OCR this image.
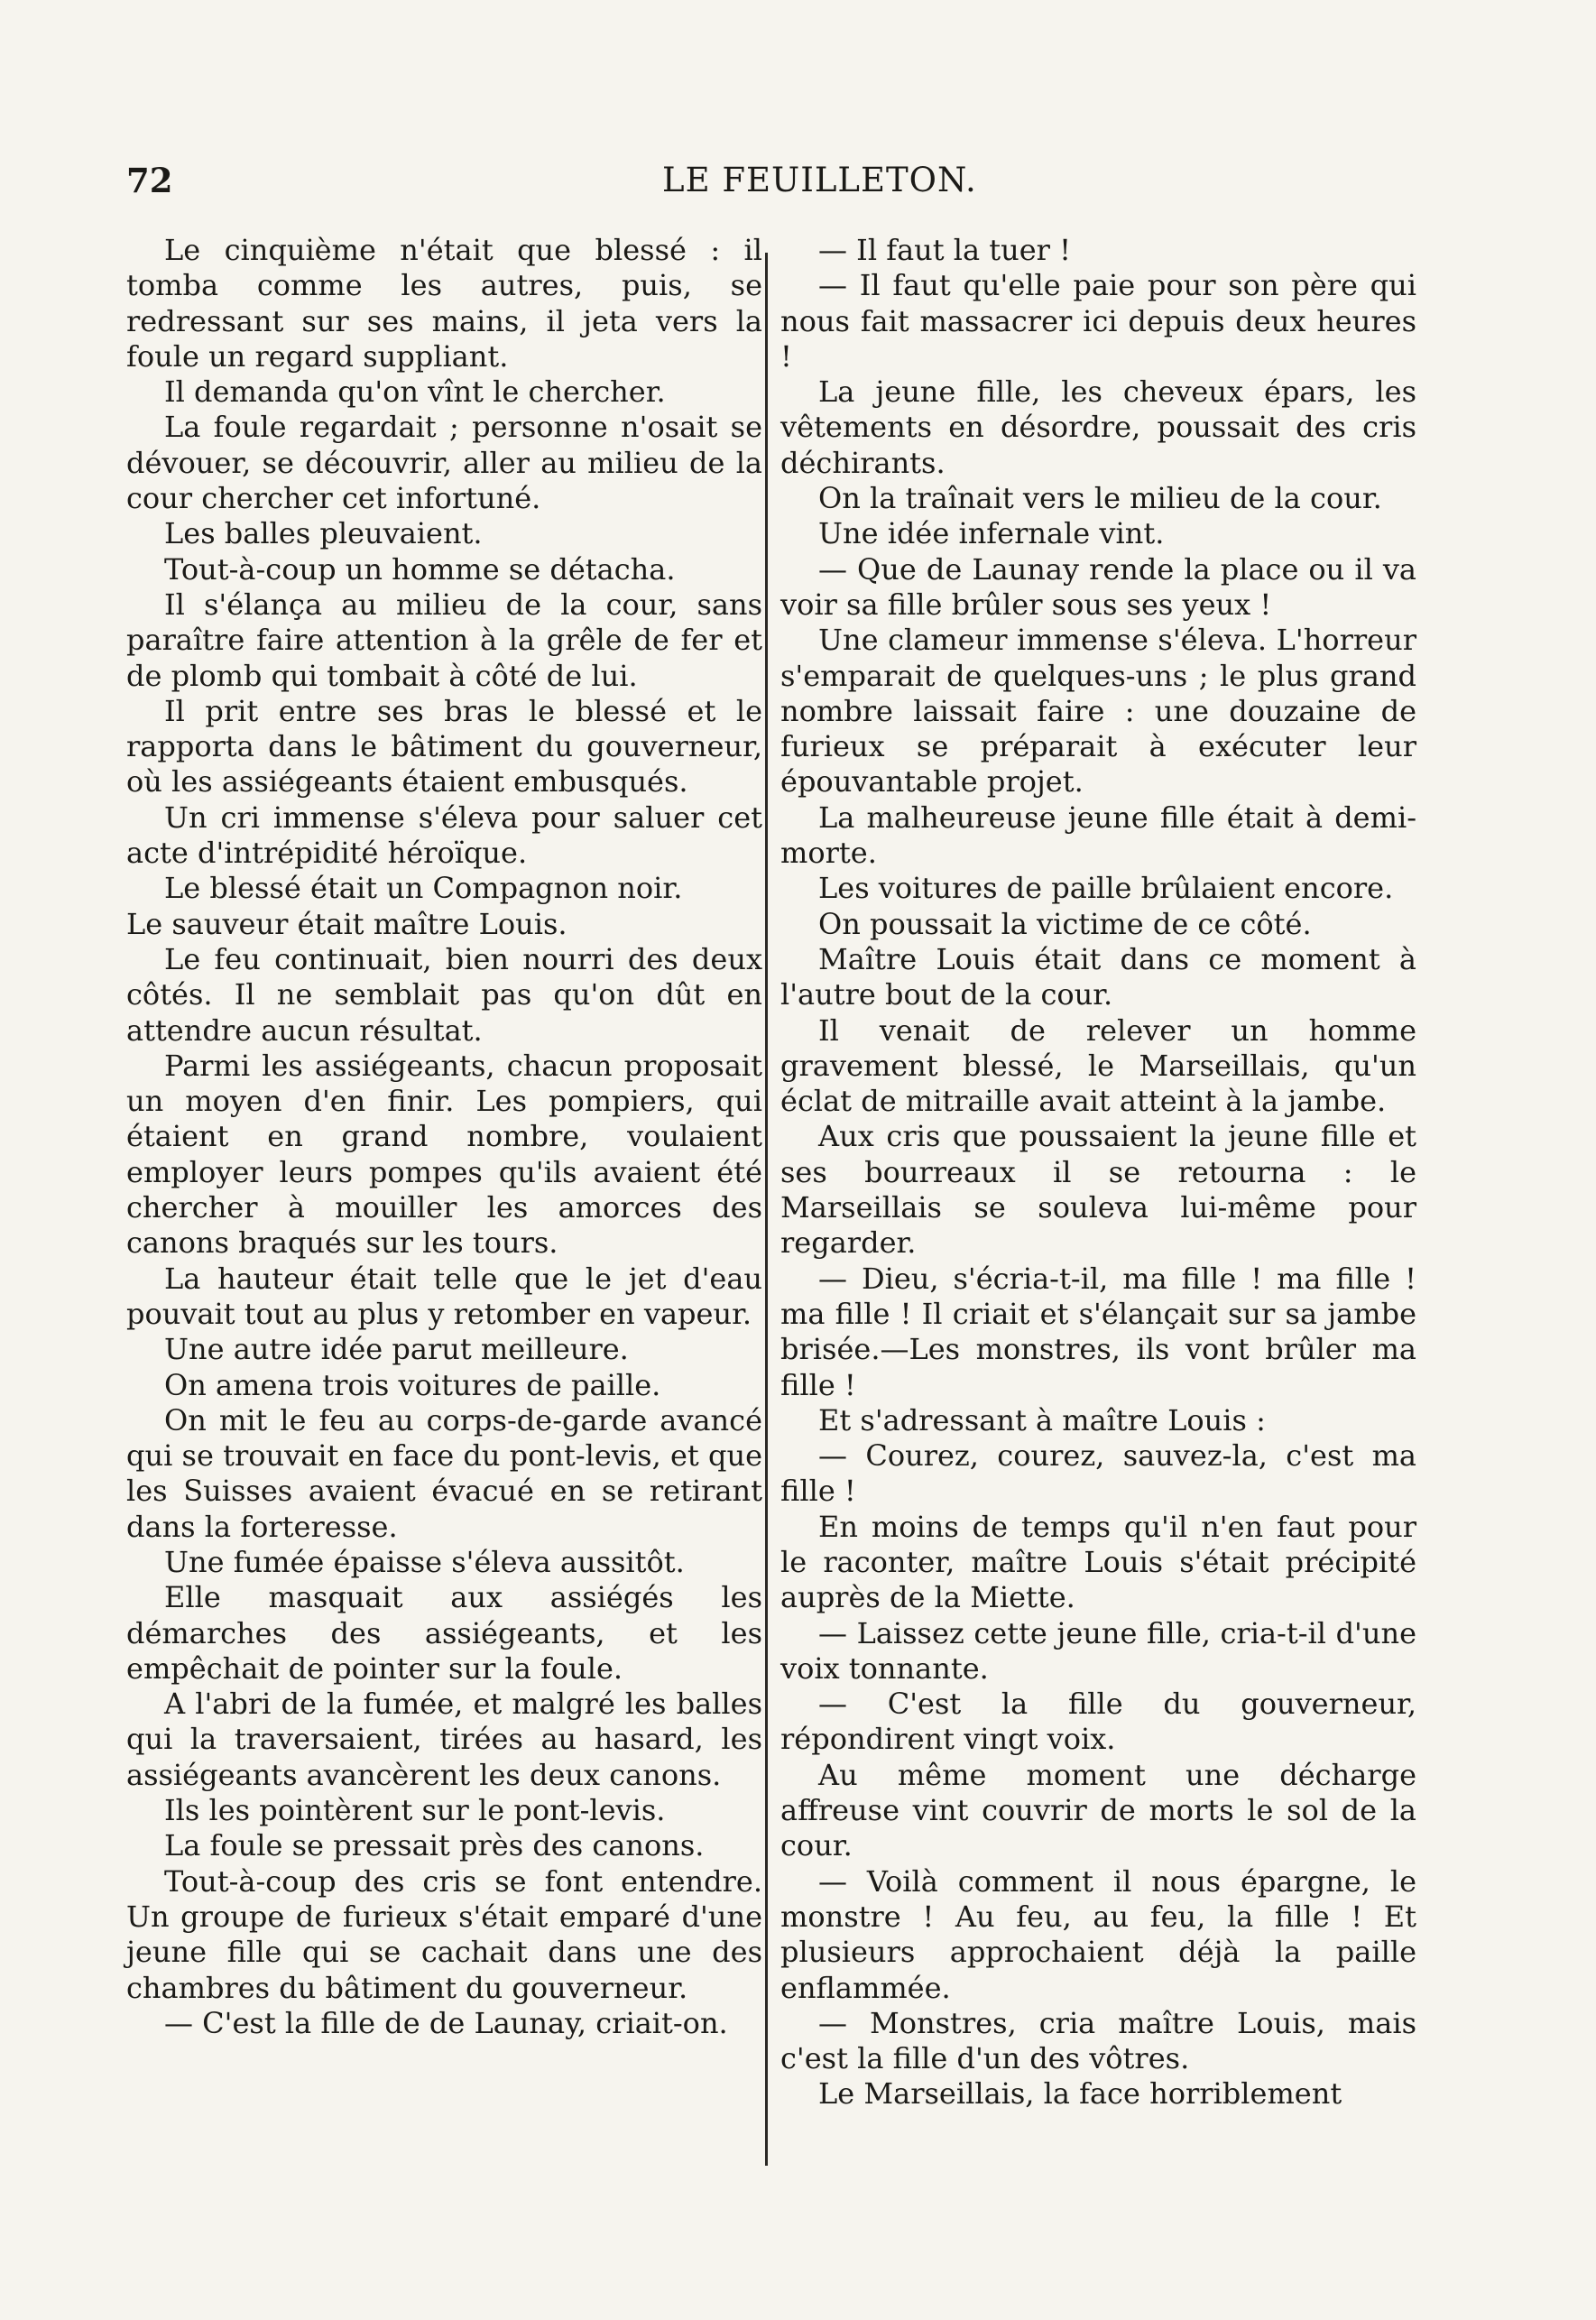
72	LE FEUILLETON.

Le cinquième n'était que blessé : il tomba comme les autres, puis, se redressant sur ses mains, il jeta vers la foule un regard suppliant.

Il demanda qu'on vînt le chercher.

La foule regardait ; personne n'osait se dévouer, se découvrir, aller au milieu de la cour chercher cet infortuné.

Les balles pleuvaient.

Tout-à-coup un homme se détacha.

Il s'élança au milieu de la cour, sans paraître faire attention à la grêle de fer et de plomb qui tombait à côté de lui.

Il prit entre ses bras le blessé et le rapporta dans le bâtiment du gouverneur, où les assiégeants étaient embusqués.

Un cri immense s'éleva pour saluer cet acte d'intrépidité héroïque.

Le blessé était un Compagnon noir.

Le sauveur était maître Louis.

Le feu continuait, bien nourri des deux côtés. Il ne semblait pas qu'on dût en attendre aucun résultat.

Parmi les assiégeants, chacun proposait un moyen d'en finir. Les pompiers, qui étaient en grand nombre, voulaient employer leurs pompes qu'ils avaient été chercher à mouiller les amorces des canons braqués sur les tours.

La hauteur était telle que le jet d'eau pouvait tout au plus y retomber en vapeur.

Une autre idée parut meilleure.

On amena trois voitures de paille.

On mit le feu au corps-de-garde avancé qui se trouvait en face du pont-levis, et que les Suisses avaient évacué en se retirant dans la forteresse.

Une fumée épaisse s'éleva aussitôt.

Elle masquait aux assiégés les démarches des assiégeants, et les empêchait de pointer sur la foule.

A l'abri de la fumée, et malgré les balles qui la traversaient, tirées au hasard, les assiégeants avancèrent les deux canons.

Ils les pointèrent sur le pont-levis.

La foule se pressait près des canons.

Tout-à-coup des cris se font entendre. Un groupe de furieux s'était emparé d'une jeune fille qui se cachait dans une des chambres du bâtiment du gouverneur.

— C'est la fille de de Launay, criait-on.

— Il faut la tuer !

— Il faut qu'elle paie pour son père qui nous fait massacrer ici depuis deux heures !

La jeune fille, les cheveux épars, les vêtements en désordre, poussait des cris déchirants.

On la traînait vers le milieu de la cour.

Une idée infernale vint.

— Que de Launay rende la place ou il va voir sa fille brûler sous ses yeux !

Une clameur immense s'éleva. L'horreur s'emparait de quelques-uns ; le plus grand nombre laissait faire : une douzaine de furieux se préparait à exécuter leur épouvantable projet.

La malheureuse jeune fille était à demi-morte.

Les voitures de paille brûlaient encore.

On poussait la victime de ce côté.

Maître Louis était dans ce moment à l'autre bout de la cour.

Il venait de relever un homme gravement blessé, le Marseillais, qu'un éclat de mitraille avait atteint à la jambe.

Aux cris que poussaient la jeune fille et ses bourreaux il se retourna : le Marseillais se souleva lui-même pour regarder.

— Dieu, s'écria-t-il, ma fille ! ma fille ! ma fille ! Il criait et s'élançait sur sa jambe brisée.—Les monstres, ils vont brûler ma fille !

Et s'adressant à maître Louis :

— Courez, courez, sauvez-la, c'est ma fille !

En moins de temps qu'il n'en faut pour le raconter, maître Louis s'était précipité auprès de la Miette.

— Laissez cette jeune fille, cria-t-il d'une voix tonnante.

— C'est la fille du gouverneur, répondirent vingt voix.

Au même moment une décharge affreuse vint couvrir de morts le sol de la cour.

— Voilà comment il nous épargne, le monstre ! Au feu, au feu, la fille ! Et plusieurs approchaient déjà la paille enflammée.

— Monstres, cria maître Louis, mais c'est la fille d'un des vôtres.

Le Marseillais, la face horriblement
